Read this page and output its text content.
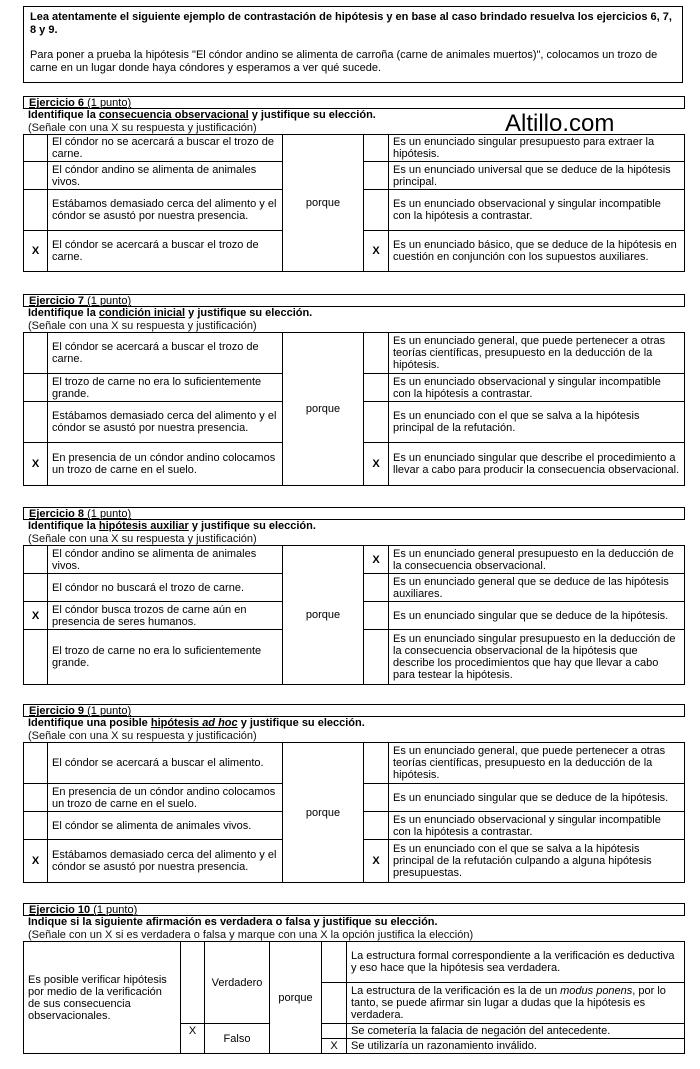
Lea atentamente el siguiente ejemplo de contrastación de hipótesis y en base al caso brindado resuelva los ejercicios 6, 7, 8 y 9.

Para poner a prueba la hipótesis "El cóndor andino se alimenta de carroña (carne de animales muertos)", colocamos un trozo de carne en un lugar donde haya cóndores y esperamos a ver qué sucede.

Altillo.com
Ejercicio 6 (1 punto)
Identifique la consecuencia observacional y justifique su elección.
(Señale con una X su respuesta y justificación)
	El cóndor no se acercará a buscar el trozo de carne.	porque		Es un enunciado singular presupuesto para extraer la hipótesis.
	El cóndor andino se alimenta de animales vivos.			Es un enunciado universal que se deduce de la hipótesis principal.
	Estábamos demasiado cerca del alimento y el cóndor se asustó por nuestra presencia.			Es un enunciado observacional y singular incompatible con la hipótesis a contrastar.
X	El cóndor se acercará a buscar el trozo de carne.		X	Es un enunciado básico, que se deduce de la hipótesis en cuestión en conjunción con los supuestos auxiliares.
Ejercicio 7 (1 punto)
Identifique la condición inicial y justifique su elección.
(Señale con una X su respuesta y justificación)
	El cóndor se acercará a buscar el trozo de carne.	porque		Es un enunciado general, que puede pertenecer a otras teorías científicas, presupuesto en la deducción de la hipótesis.
	El trozo de carne no era lo suficientemente grande.			Es un enunciado observacional y singular incompatible con la hipótesis a contrastar.
	Estábamos demasiado cerca del alimento y el cóndor se asustó por nuestra presencia.			Es un enunciado con el que se salva a la hipótesis principal de la refutación.
X	En presencia de un cóndor andino colocamos un trozo de carne en el suelo.		X	Es un enunciado singular que describe el procedimiento a llevar a cabo para producir la consecuencia observacional.
Ejercicio 8 (1 punto)
Identifique la hipótesis auxiliar y justifique su elección.
(Señale con una X su respuesta y justificación)
	El cóndor andino se alimenta de animales vivos.	porque	X	Es un enunciado general presupuesto en la deducción de la consecuencia observacional.
	El cóndor no buscará el trozo de carne.			Es un enunciado general que se deduce de las hipótesis auxiliares.
X	El cóndor busca trozos de carne aún en presencia de seres humanos.			Es un enunciado singular que se deduce de la hipótesis.
	El trozo de carne no era lo suficientemente grande.			Es un enunciado singular presupuesto en la deducción de la consecuencia observacional de la hipótesis que describe los procedimientos que hay que llevar a cabo para testear la hipótesis.
Ejercicio 9 (1 punto)
Identifique una posible hipótesis ad hoc y justifique su elección.
(Señale con una X su respuesta y justificación)
	El cóndor se acercará a buscar el alimento.	porque		Es un enunciado general, que puede pertenecer a otras teorías científicas, presupuesto en la deducción de la hipótesis.
	En presencia de un cóndor andino colocamos un trozo de carne en el suelo.			Es un enunciado singular que se deduce de la hipótesis.
	El cóndor se alimenta de animales vivos.			Es un enunciado observacional y singular incompatible con la hipótesis a contrastar.
X	Estábamos demasiado cerca del alimento y el cóndor se asustó por nuestra presencia.		X	Es un enunciado con el que se salva a la hipótesis principal de la refutación culpando a alguna hipótesis presupuestas.
Ejercicio 10 (1 punto)
Indique si la siguiente afirmación es verdadera o falsa y justifique su elección.
(Señale con un X si es verdadera o falsa y marque con una X la opción justifica la elección)
Es posible verificar hipótesis por medio de la verificación de sus consecuencia observacionales.		Verdadero	porque		La estructura formal correspondiente a la verificación es deductiva y eso hace que la hipótesis sea verdadera.
					La estructura de la verificación es la de un modus ponens, por lo tanto, se puede afirmar sin lugar a dudas que la hipótesis es verdadera.
	X	Falso			Se cometería la falacia de negación del antecedente.
				X	Se utilizaría un razonamiento inválido.
